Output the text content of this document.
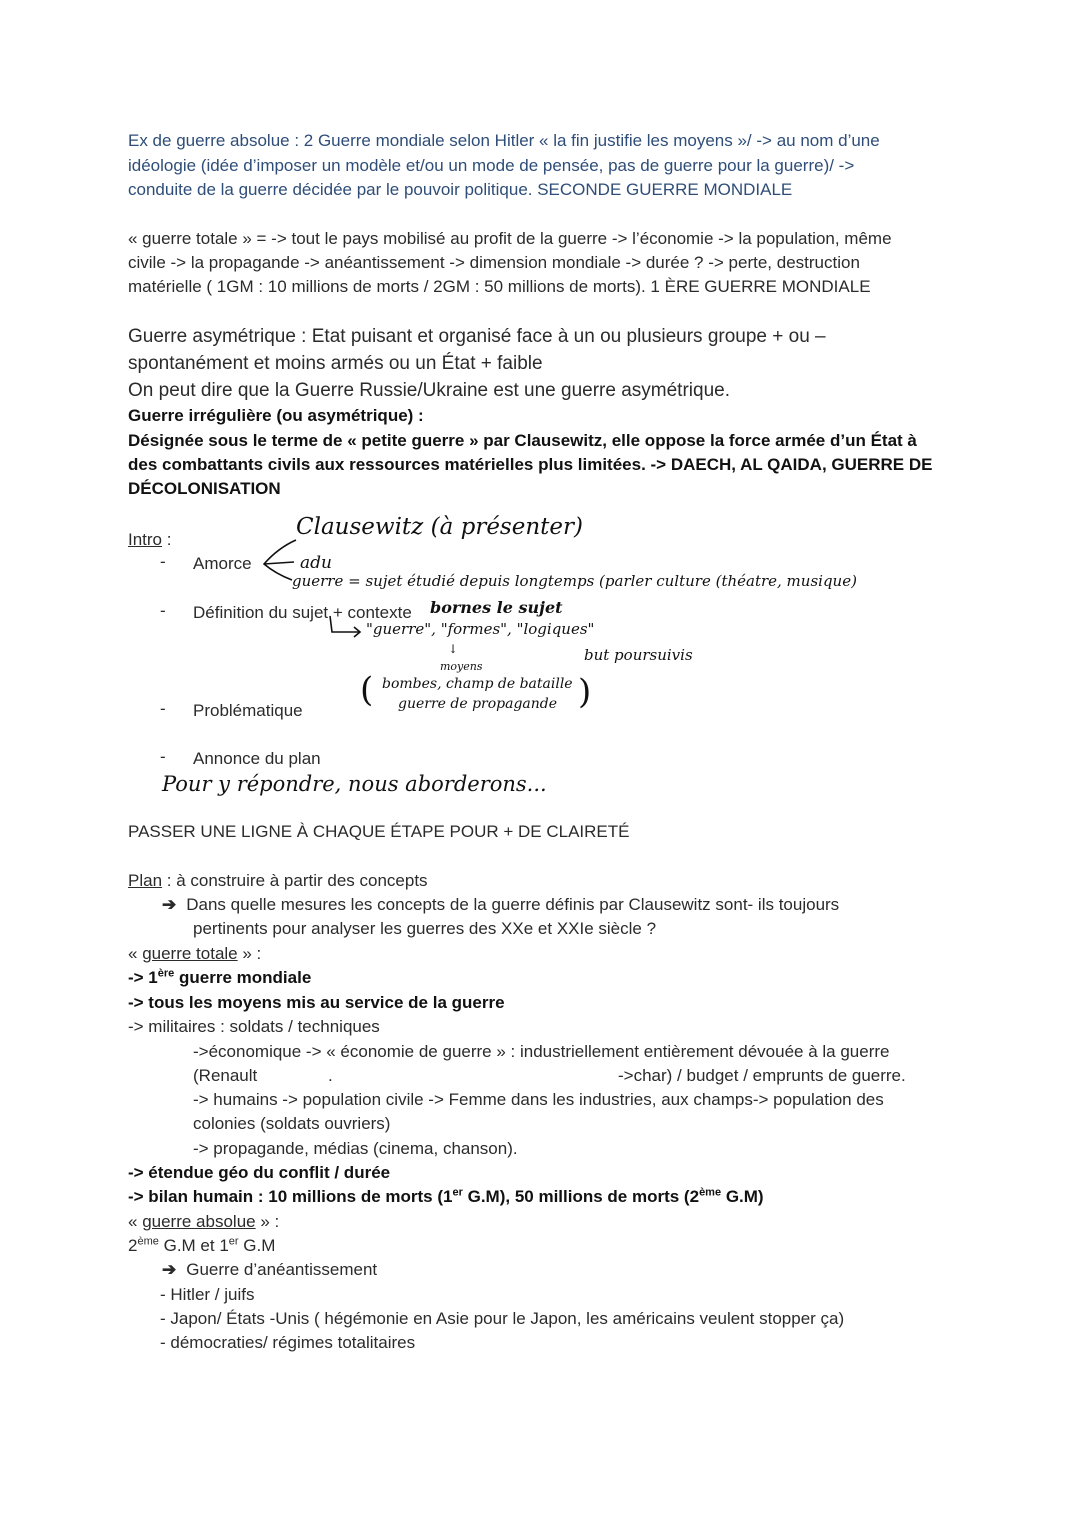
Ex de guerre absolue : 2 Guerre mondiale selon Hitler « la fin justifie les moyens »/ -> au nom d’une
idéologie (idée d’imposer un modèle et/ou un mode de pensée, pas de guerre pour la guerre)/ ->
conduite de la guerre décidée par le pouvoir politique. SECONDE GUERRE MONDIALE
« guerre totale » = -> tout le pays mobilisé au profit de la guerre -> l’économie -> la population, même
civile -> la propagande -> anéantissement -> dimension mondiale -> durée ? -> perte, destruction
matérielle ( 1GM : 10 millions de morts / 2GM : 50 millions de morts). 1 ÈRE GUERRE MONDIALE
Guerre asymétrique : Etat puisant et organisé face à un ou plusieurs groupe + ou –
spontanément et moins armés ou un État + faible
On peut dire que la Guerre Russie/Ukraine est une guerre asymétrique.
Guerre irrégulière (ou asymétrique) :
Désignée sous le terme de « petite guerre » par Clausewitz, elle oppose la force armée d’un État à
des combattants civils aux ressources matérielles plus limitées. -> DAECH, AL QAIDA, GUERRE DE
DÉCOLONISATION
Intro :
- Amorce
- Définition du sujet + contexte
- Problématique
- Annonce du plan
Clausewitz (à présenter)
adu
guerre = sujet étudié depuis longtemps (parler culture (théatre, musique)
bornes le sujet
"guerre", "formes", "logiques"
↓	but poursuivis
moyens
( bombes, champ de bataille
guerre de propagande )
Pour y répondre, nous aborderons...
PASSER UNE LIGNE À CHAQUE ÉTAPE POUR + DE CLAIRETÉ
Plan : à construire à partir des concepts
➔ Dans quelle mesures les concepts de la guerre définis par Clausewitz sont- ils toujours
pertinents pour analyser les guerres des XXe et XXIe siècle ?
« guerre totale » :
-> 1ère guerre mondiale
-> tous les moyens mis au service de la guerre
-> militaires : soldats / techniques
->économique -> « économie de guerre » : industriellement entièrement dévouée à la guerre
(Renault	.	->char) / budget / emprunts de guerre.
-> humains -> population civile -> Femme dans les industries, aux champs-> population des
colonies (soldats ouvriers)
-> propagande, médias (cinema, chanson).
-> étendue géo du conflit / durée
-> bilan humain : 10 millions de morts (1er G.M), 50 millions de morts (2ème G.M)
« guerre absolue » :
2ème G.M et 1er G.M
➔ Guerre d’anéantissement
- Hitler / juifs
- Japon/ États -Unis ( hégémonie en Asie pour le Japon, les américains veulent stopper ça)
- démocraties/ régimes totalitaires
